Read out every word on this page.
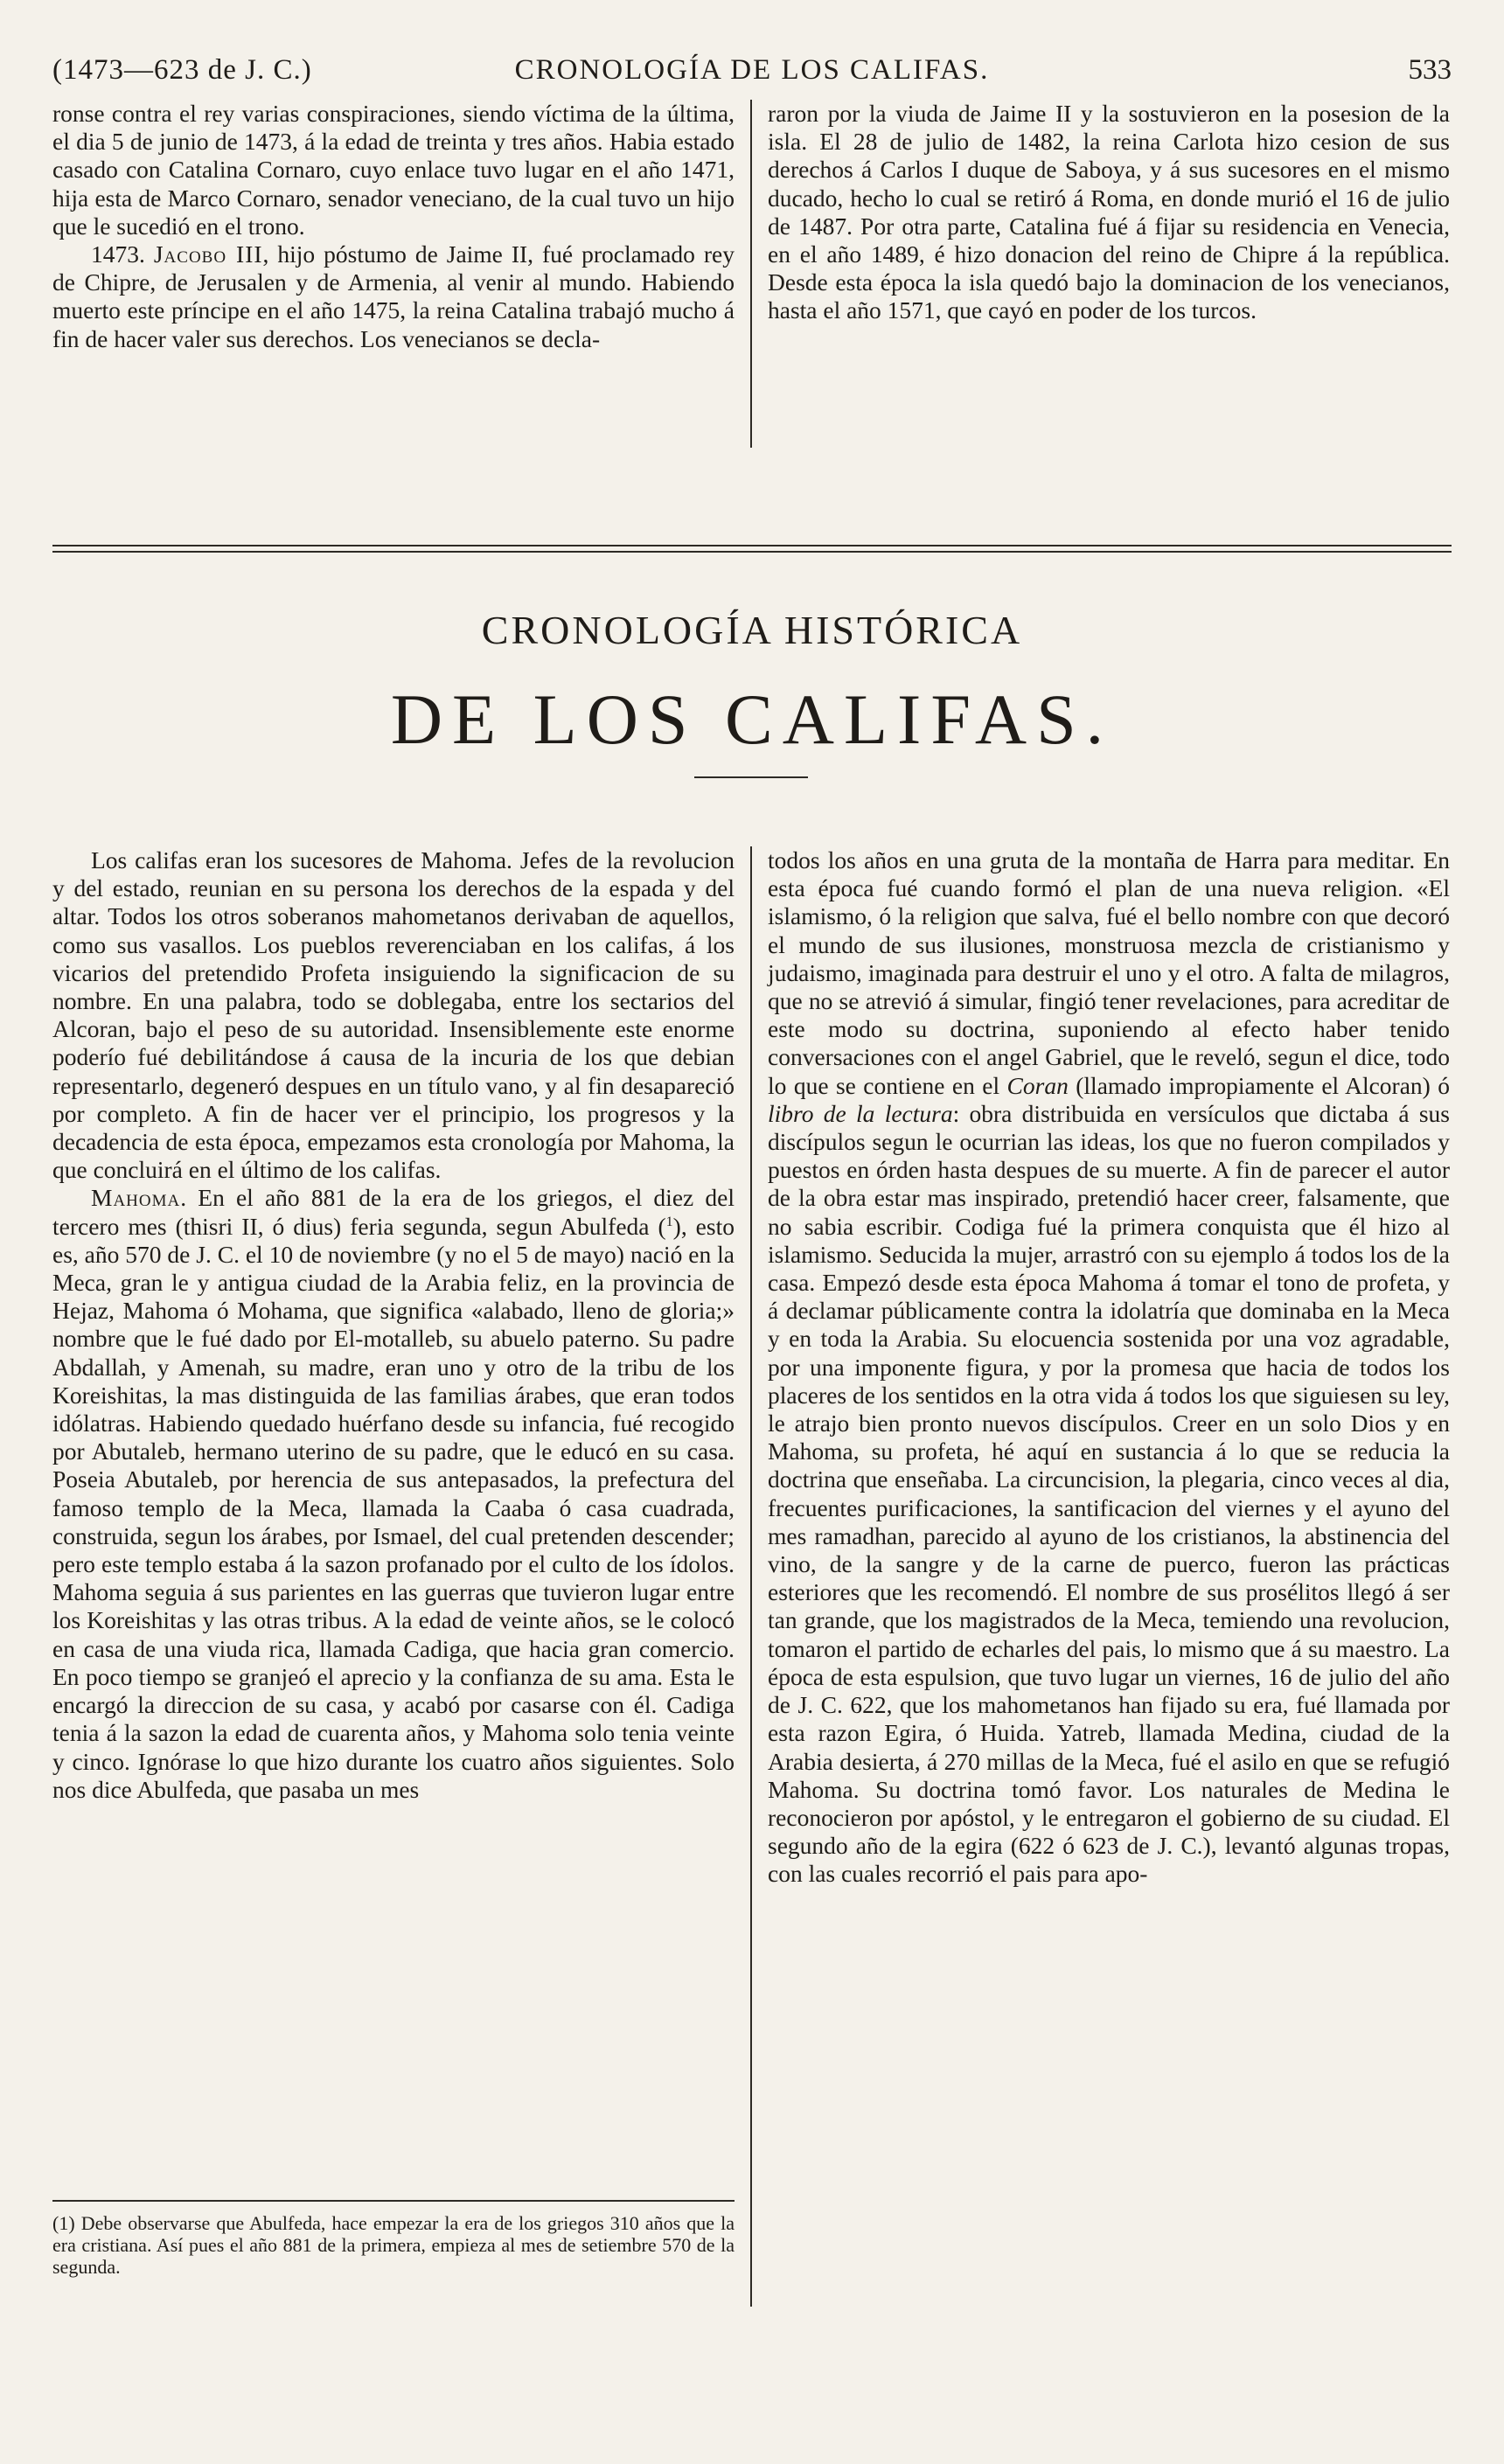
CRONOLOGÍA DE LOS CALIFAS.
(1473—623 de J. C.)	533

ronse contra el rey varias conspiraciones, siendo víctima de la última, el dia 5 de junio de 1473, á la edad de treinta y tres años. Habia estado casado con Catalina Cornaro, cuyo enlace tuvo lugar en el año 1471, hija esta de Marco Cornaro, senador veneciano, de la cual tuvo un hijo que le sucedió en el trono.

1473. Jacobo III, hijo póstumo de Jaime II, fué proclamado rey de Chipre, de Jerusalen y de Armenia, al venir al mundo. Habiendo muerto este príncipe en el año 1475, la reina Catalina trabajó mucho á fin de hacer valer sus derechos. Los venecianos se decla-

raron por la viuda de Jaime II y la sostuvieron en la posesion de la isla. El 28 de julio de 1482, la reina Carlota hizo cesion de sus derechos á Carlos I duque de Saboya, y á sus sucesores en el mismo ducado, hecho lo cual se retiró á Roma, en donde murió el 16 de julio de 1487. Por otra parte, Catalina fué á fijar su residencia en Venecia, en el año 1489, é hizo donacion del reino de Chipre á la república. Desde esta época la isla quedó bajo la dominacion de los venecianos, hasta el año 1571, que cayó en poder de los turcos.

CRONOLOGÍA HISTÓRICA
DE LOS CALIFAS.

Los califas eran los sucesores de Mahoma. Jefes de la revolucion y del estado, reunian en su persona los derechos de la espada y del altar. Todos los otros soberanos mahometanos derivaban de aquellos, como sus vasallos. Los pueblos reverenciaban en los califas, á los vicarios del pretendido Profeta insiguiendo la significacion de su nombre. En una palabra, todo se doblegaba, entre los sectarios del Alcoran, bajo el peso de su autoridad. Insensiblemente este enorme poderío fué debilitándose á causa de la incuria de los que debian representarlo, degeneró despues en un título vano, y al fin desapareció por completo. A fin de hacer ver el principio, los progresos y la decadencia de esta época, empezamos esta cronología por Mahoma, la que concluirá en el último de los califas.

Mahoma. En el año 881 de la era de los griegos, el diez del tercero mes (thisri II, ó dius) feria segunda, segun Abulfeda ($^1$), esto es, año 570 de J. C. el 10 de noviembre (y no el 5 de mayo) nació en la Meca, gran le y antigua ciudad de la Arabia feliz, en la provincia de Hejaz, Mahoma ó Mohama, que significa «alabado, lleno de gloria;» nombre que le fué dado por El-motalleb, su abuelo paterno. Su padre Abdallah, y Amenah, su madre, eran uno y otro de la tribu de los Koreishitas, la mas distinguida de las familias árabes, que eran todos idólatras. Habiendo quedado huérfano desde su infancia, fué recogido por Abutaleb, hermano uterino de su padre, que le educó en su casa. Poseia Abutaleb, por herencia de sus antepasados, la prefectura del famoso templo de la Meca, llamada la Caaba ó casa cuadrada, construida, segun los árabes, por Ismael, del cual pretenden descender; pero este templo estaba á la sazon profanado por el culto de los ídolos. Mahoma seguia á sus parientes en las guerras que tuvieron lugar entre los Koreishitas y las otras tribus. A la edad de veinte años, se le colocó en casa de una viuda rica, llamada Cadiga, que hacia gran comercio. En poco tiempo se granjeó el aprecio y la confianza de su ama. Esta le encargó la direccion de su casa, y acabó por casarse con él. Cadiga tenia á la sazon la edad de cuarenta años, y Mahoma solo tenia veinte y cinco. Ignórase lo que hizo durante los cuatro años siguientes. Solo nos dice Abulfeda, que pasaba un mes

todos los años en una gruta de la montaña de Harra para meditar. En esta época fué cuando formó el plan de una nueva religion. «El islamismo, ó la religion que salva, fué el bello nombre con que decoró el mundo de sus ilusiones, monstruosa mezcla de cristianismo y judaismo, imaginada para destruir el uno y el otro. A falta de milagros, que no se atrevió á simular, fingió tener revelaciones, para acreditar de este modo su doctrina, suponiendo al efecto haber tenido conversaciones con el angel Gabriel, que le reveló, segun el dice, todo lo que se contiene en el Coran (llamado impropiamente el Alcoran) ó libro de la lectura: obra distribuida en versículos que dictaba á sus discípulos segun le ocurrian las ideas, los que no fueron compilados y puestos en órden hasta despues de su muerte. A fin de parecer el autor de la obra estar mas inspirado, pretendió hacer creer, falsamente, que no sabia escribir. Codiga fué la primera conquista que él hizo al islamismo. Seducida la mujer, arrastró con su ejemplo á todos los de la casa. Empezó desde esta época Mahoma á tomar el tono de profeta, y á declamar públicamente contra la idolatría que dominaba en la Meca y en toda la Arabia. Su elocuencia sostenida por una voz agradable, por una imponente figura, y por la promesa que hacia de todos los placeres de los sentidos en la otra vida á todos los que siguiesen su ley, le atrajo bien pronto nuevos discípulos. Creer en un solo Dios y en Mahoma, su profeta, hé aquí en sustancia á lo que se reducia la doctrina que enseñaba. La circuncision, la plegaria, cinco veces al dia, frecuentes purificaciones, la santificacion del viernes y el ayuno del mes ramadhan, parecido al ayuno de los cristianos, la abstinencia del vino, de la sangre y de la carne de puerco, fueron las prácticas esteriores que les recomendó. El nombre de sus prosélitos llegó á ser tan grande, que los magistrados de la Meca, temiendo una revolucion, tomaron el partido de echarles del pais, lo mismo que á su maestro. La época de esta espulsion, que tuvo lugar un viernes, 16 de julio del año de J. C. 622, que los mahometanos han fijado su era, fué llamada por esta razon Egira, ó Huida. Yatreb, llamada Medina, ciudad de la Arabia desierta, á 270 millas de la Meca, fué el asilo en que se refugió Mahoma. Su doctrina tomó favor. Los naturales de Medina le reconocieron por apóstol, y le entregaron el gobierno de su ciudad. El segundo año de la egira (622 ó 623 de J. C.), levantó algunas tropas, con las cuales recorrió el pais para apo-

(1) Debe observarse que Abulfeda, hace empezar la era de los griegos 310 años que la era cristiana. Así pues el año 881 de la primera, empieza al mes de setiembre 570 de la segunda.
